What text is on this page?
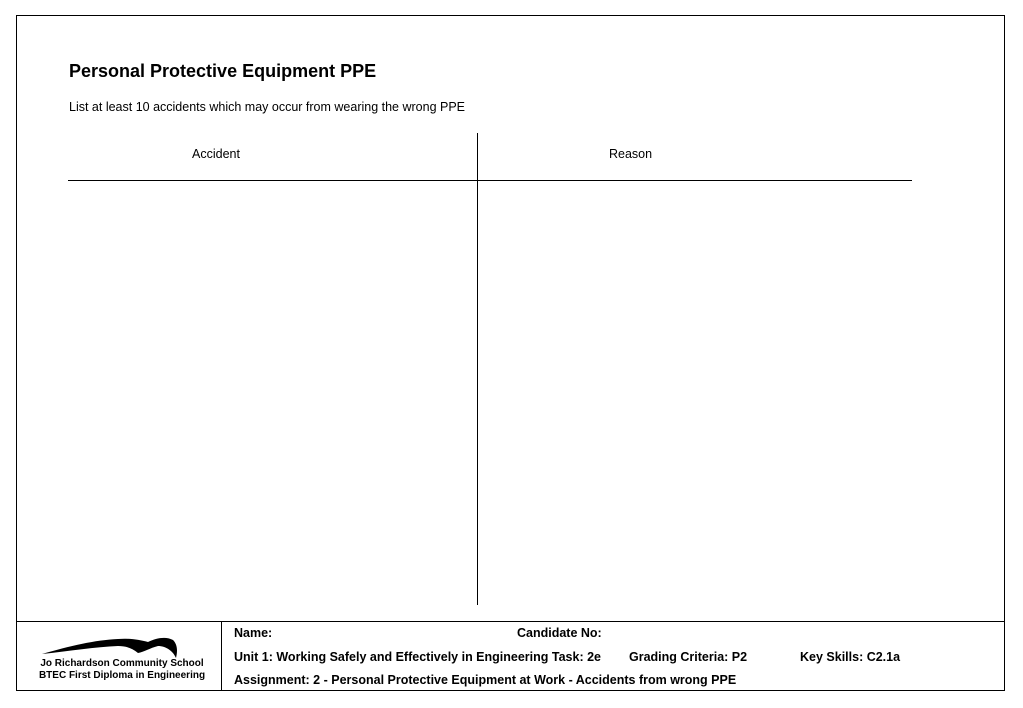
Personal Protective Equipment PPE
List at least 10 accidents which may occur from wearing the wrong PPE
Accident	Reason
Jo Richardson Community School
BTEC First Diploma in Engineering
Name:	Candidate No:
Unit 1: Working Safely and Effectively in Engineering Task: 2e Grading Criteria: P2	Key Skills: C2.1a
Assignment: 2 - Personal Protective Equipment at Work - Accidents from wrong PPE
